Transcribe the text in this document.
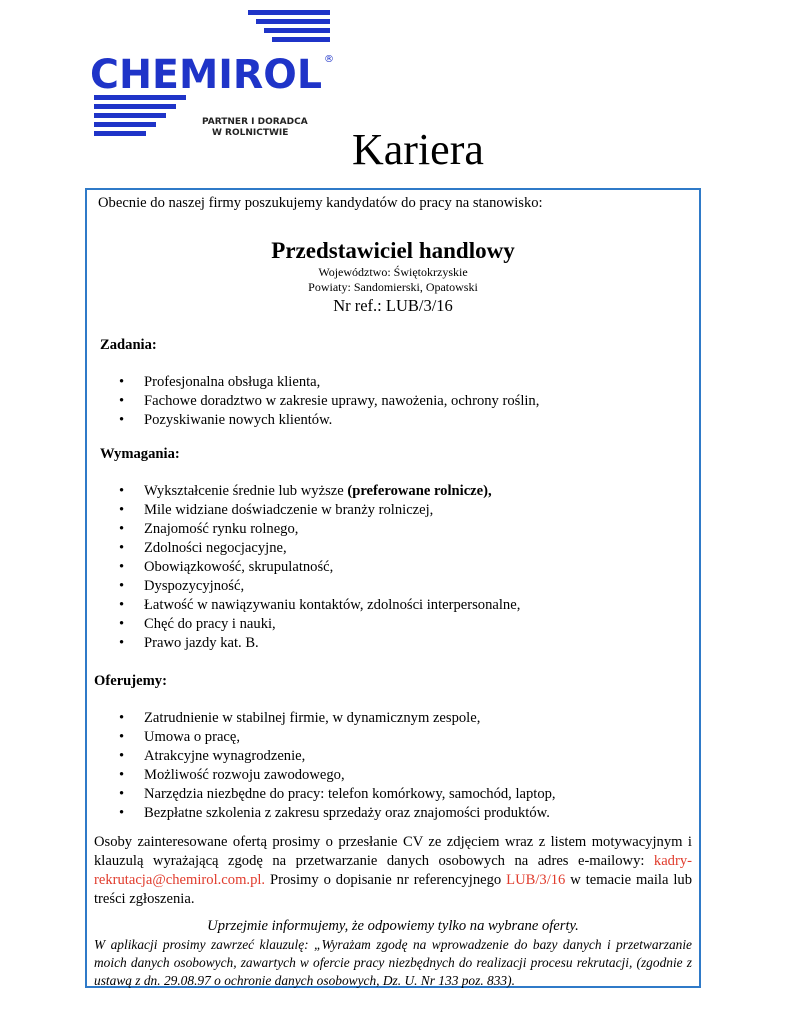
CHEMIROL ®
PARTNER I DORADCA
W ROLNICTWIE Kariera

Obecnie do naszej firmy poszukujemy kandydatów do pracy na stanowisko:

Przedstawiciel handlowy

Województwo: Świętokrzyskie

Powiaty: Sandomierski, Opatowski

Nr ref.: LUB/3/16

Zadania:

• Profesjonalna obsługa klienta,
• Fachowe doradztwo w zakresie uprawy, nawożenia, ochrony roślin,
• Pozyskiwanie nowych klientów.

Wymagania:

• Wykształcenie średnie lub wyższe (preferowane rolnicze),
• Mile widziane doświadczenie w branży rolniczej,
• Znajomość rynku rolnego,
• Zdolności negocjacyjne,
• Obowiązkowość, skrupulatność,
• Dyspozycyjność,
• Łatwość w nawiązywaniu kontaktów, zdolności interpersonalne,
• Chęć do pracy i nauki,
• Prawo jazdy kat. B.

Oferujemy:

• Zatrudnienie w stabilnej firmie, w dynamicznym zespole,
• Umowa o pracę,
• Atrakcyjne wynagrodzenie,
• Możliwość rozwoju zawodowego,
• Narzędzia niezbędne do pracy: telefon komórkowy, samochód, laptop,
• Bezpłatne szkolenia z zakresu sprzedaży oraz znajomości produktów.

Osoby zainteresowane ofertą prosimy o przesłanie CV ze zdjęciem wraz z listem motywacyjnym i klauzulą wyrażającą zgodę na przetwarzanie danych osobowych na adres e-mailowy: kadry-rekrutacja@chemirol.com.pl. Prosimy o dopisanie nr referencyjnego LUB/3/16 w temacie maila lub treści zgłoszenia.

Uprzejmie informujemy, że odpowiemy tylko na wybrane oferty.

W aplikacji prosimy zawrzeć klauzulę: „Wyrażam zgodę na wprowadzenie do bazy danych i przetwarzanie moich danych osobowych, zawartych w ofercie pracy niezbędnych do realizacji procesu rekrutacji, (zgodnie z ustawą z dn. 29.08.97 o ochronie danych osobowych, Dz. U. Nr 133 poz. 833).
